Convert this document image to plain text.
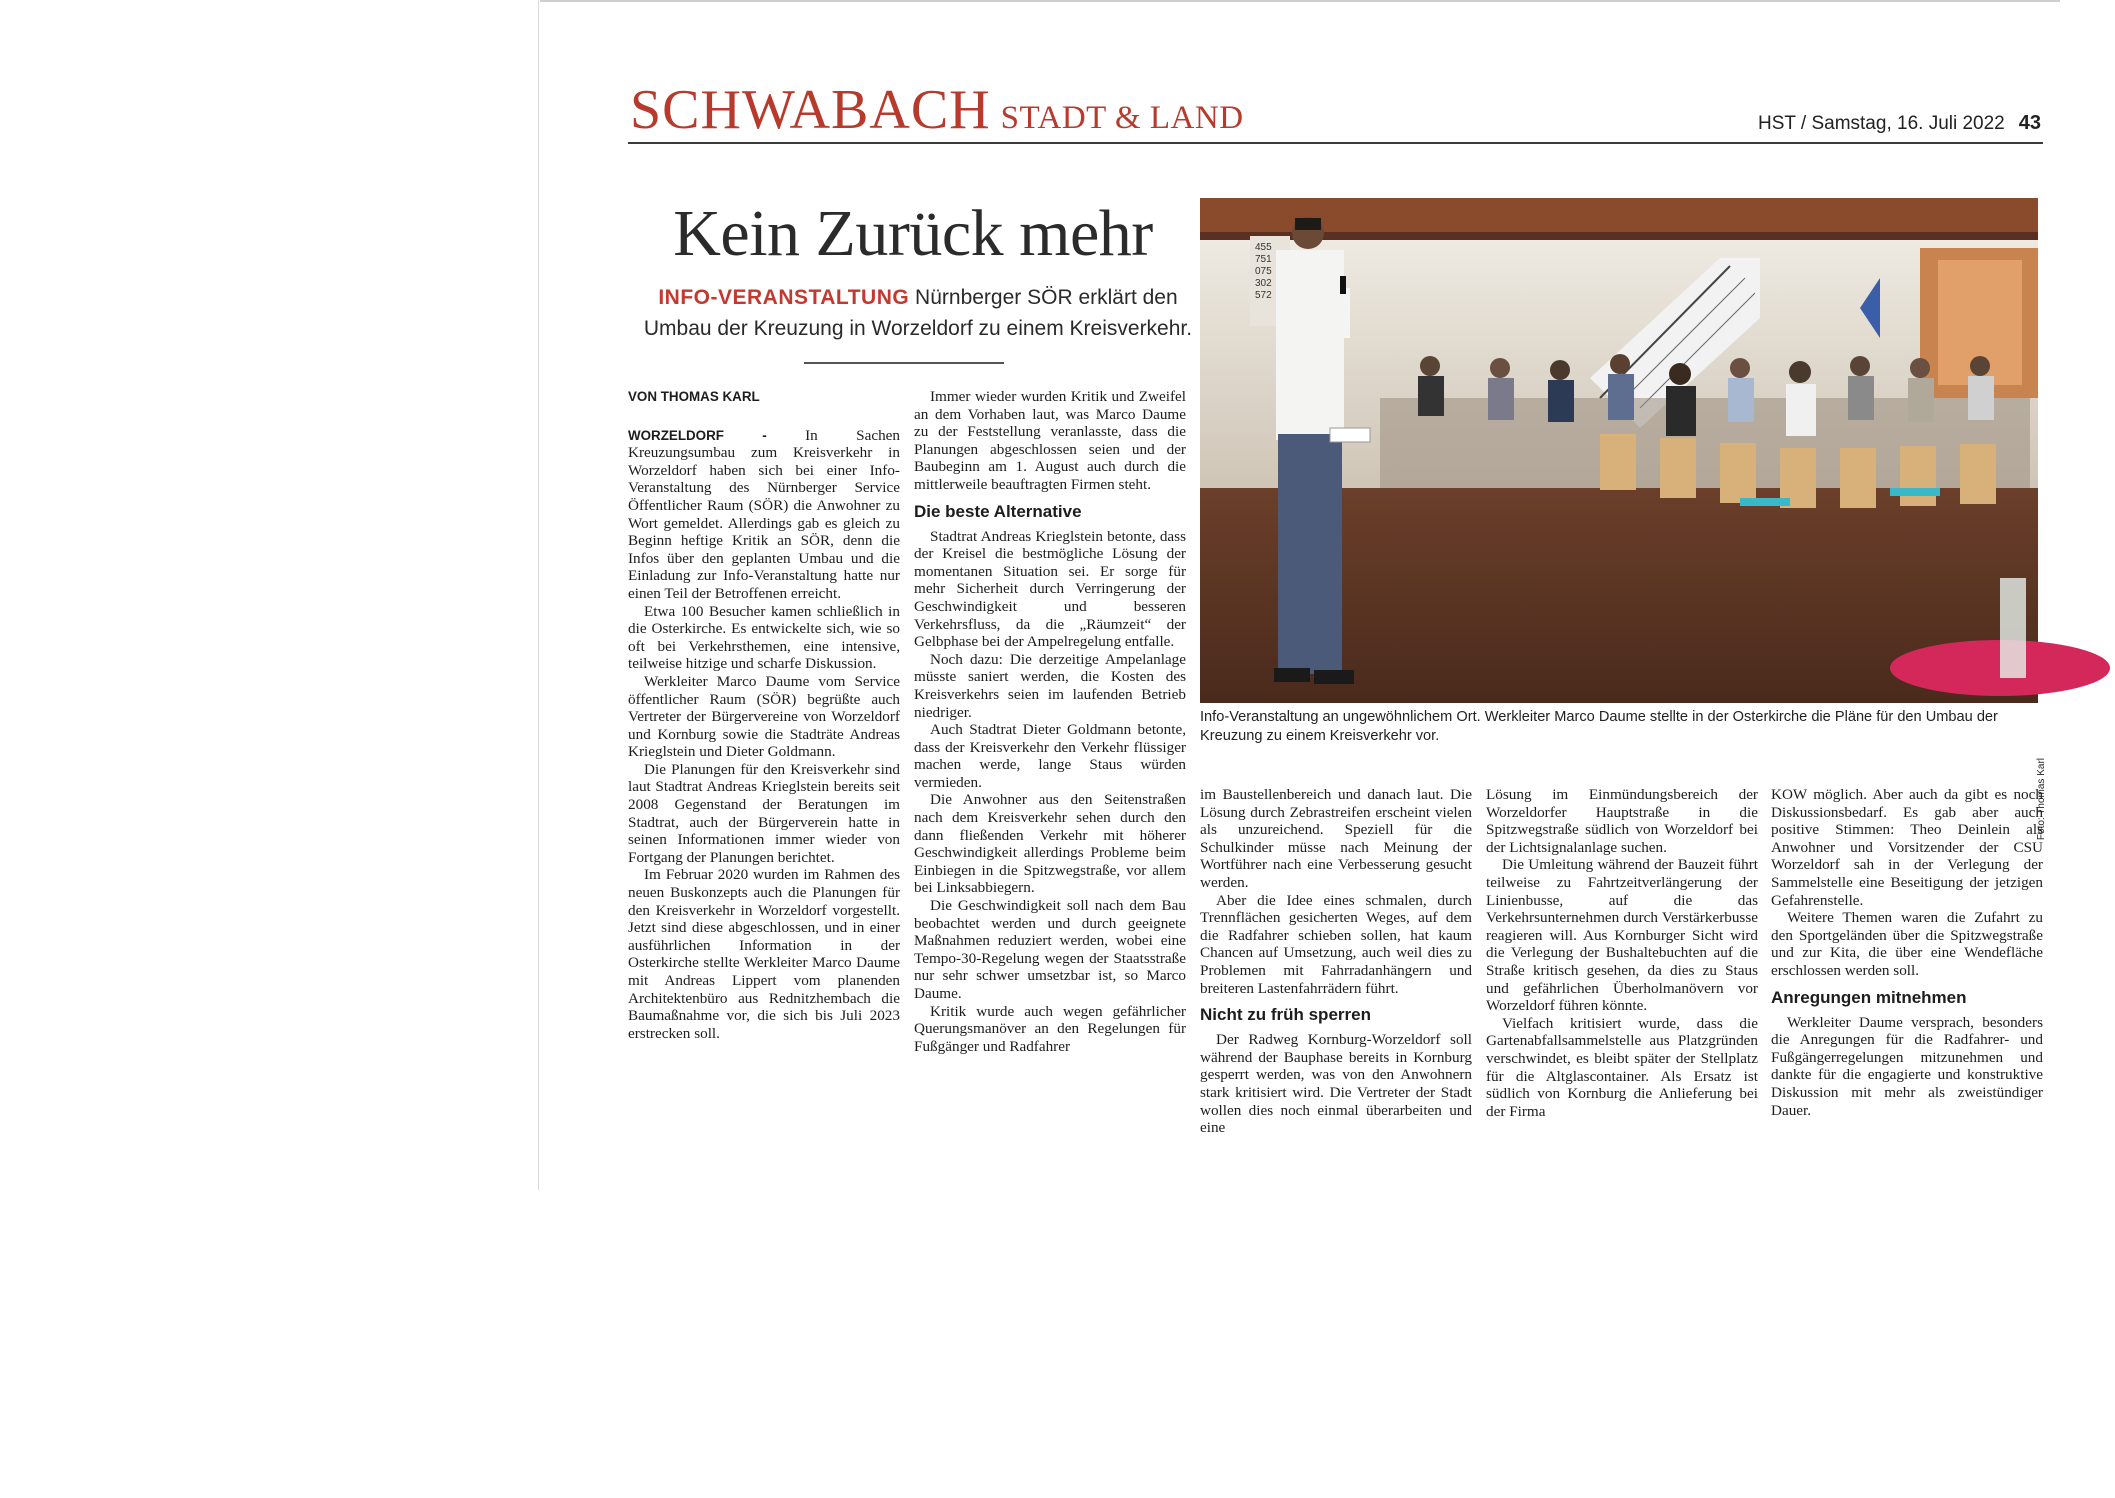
SCHWABACH STADT & LAND	HST / Samstag, 16. Juli 2022 43
Kein Zurück mehr
INFO-VERANSTALTUNG Nürnberger SÖR erklärt den Umbau der Kreuzung in Worzeldorf zu einem Kreisverkehr.
455
751
075
302
572
Foto: Thomas Karl
Info-Veranstaltung an ungewöhnlichem Ort. Werkleiter Marco Daume stellte in der Osterkirche die Pläne für den Umbau der Kreuzung zu einem Kreisverkehr vor.
VON THOMAS KARL

WORZELDORF -	In Sachen Kreuzungsumbau zum Kreisverkehr in Worzeldorf haben sich bei einer Info-Veranstaltung des Nürnberger Service Öffentlicher Raum (SÖR) die Anwohner zu Wort gemeldet. Allerdings gab es gleich zu Beginn heftige Kritik an SÖR, denn die Infos über den geplanten Umbau und die Einladung zur Info-Veranstaltung hatte nur einen Teil der Betroffenen erreicht.

Etwa 100 Besucher kamen schließlich in die Osterkirche. Es entwickelte sich, wie so oft bei Verkehrsthemen, eine intensive, teilweise hitzige und scharfe Diskussion.

Werkleiter Marco Daume vom Service öffentlicher Raum (SÖR) begrüßte auch Vertreter der Bürgervereine von Worzeldorf und Kornburg sowie die Stadträte Andreas Krieglstein und Dieter Goldmann.

Die Planungen für den Kreisverkehr sind laut Stadtrat Andreas Krieglstein bereits seit 2008 Gegenstand der Beratungen im Stadtrat, auch der Bürgerverein hatte in seinen Informationen immer wieder von Fortgang der Planungen berichtet.

Im Februar 2020 wurden im Rahmen des neuen Buskonzepts auch die Planungen für den Kreisverkehr in Worzeldorf vorgestellt. Jetzt sind diese abgeschlossen, und in einer ausführlichen Information in der Osterkirche stellte Werkleiter Marco Daume mit Andreas Lippert vom planenden Architektenbüro aus Rednitzhembach die Baumaßnahme vor, die sich bis Juli 2023 erstrecken soll.

Immer wieder wurden Kritik und Zweifel an dem Vorhaben laut, was Marco Daume zu der Feststellung veranlasste, dass die Planungen abgeschlossen seien und der Baubeginn am 1. August auch durch die mittlerweile beauftragten Firmen steht.

Die beste Alternative

Stadtrat Andreas Krieglstein betonte, dass der Kreisel die bestmögliche Lösung der momentanen Situation sei. Er sorge für mehr Sicherheit durch Verringerung der Geschwindigkeit und besseren Verkehrsfluss, da die „Räumzeit“ der Gelbphase bei der Ampelregelung entfalle.

Noch dazu: Die derzeitige Ampelanlage müsste saniert werden, die Kosten des Kreisverkehrs seien im laufenden Betrieb niedriger.

Auch Stadtrat Dieter Goldmann betonte, dass der Kreisverkehr den Verkehr flüssiger machen werde, lange Staus würden vermieden.

Die Anwohner aus den Seitenstraßen nach dem Kreisverkehr sehen durch den dann fließenden Verkehr mit höherer Geschwindigkeit allerdings Probleme beim Einbiegen in die Spitzwegstraße, vor allem bei Linksabbiegern.

Die Geschwindigkeit soll nach dem Bau beobachtet werden und durch geeignete Maßnahmen reduziert werden, wobei eine Tempo-30-Regelung wegen der Staatsstraße nur sehr schwer umsetzbar ist, so Marco Daume.

Kritik wurde auch wegen gefährlicher Querungsmanöver an den Regelungen für Fußgänger und Radfahrer

im Baustellenbereich und danach laut. Die Lösung durch Zebrastreifen erscheint vielen als unzureichend. Speziell für die Schulkinder müsse nach Meinung der Wortführer nach eine Verbesserung gesucht werden.

Aber die Idee eines schmalen, durch Trennflächen gesicherten Weges, auf dem die Radfahrer schieben sollen, hat kaum Chancen auf Umsetzung, auch weil dies zu Problemen mit Fahrradanhängern und breiteren Lastenfahrrädern führt.

Nicht zu früh sperren

Der Radweg Kornburg-Worzeldorf soll während der Bauphase bereits in Kornburg gesperrt werden, was von den Anwohnern stark kritisiert wird. Die Vertreter der Stadt wollen dies noch einmal überarbeiten und eine

Lösung im Einmündungsbereich der Worzeldorfer Hauptstraße in die Spitzwegstraße südlich von Worzeldorf bei der Lichtsignalanlage suchen.

Die Umleitung während der Bauzeit führt teilweise zu Fahrtzeitverlängerung der Linienbusse, auf die das Verkehrsunternehmen durch Verstärkerbusse reagieren will. Aus Kornburger Sicht wird die Verlegung der Bushaltebuchten auf die Straße kritisch gesehen, da dies zu Staus und gefährlichen Überholmanövern vor Worzeldorf führen könnte.

Vielfach kritisiert wurde, dass die Gartenabfallsammelstelle aus Platzgründen verschwindet, es bleibt später der Stellplatz für die Altglascontainer. Als Ersatz ist südlich von Kornburg die Anlieferung bei der Firma

KOW möglich. Aber auch da gibt es noch Diskussionsbedarf. Es gab aber auch positive Stimmen: Theo Deinlein als Anwohner und Vorsitzender der CSU Worzeldorf sah in der Verlegung der Sammelstelle eine Beseitigung der jetzigen Gefahrenstelle.

Weitere Themen waren die Zufahrt zu den Sportgeländen über die Spitzwegstraße und zur Kita, die über eine Wendefläche erschlossen werden soll.

Anregungen mitnehmen

Werkleiter Daume versprach, besonders die Anregungen für die Radfahrer- und Fußgängerregelungen mitzunehmen und dankte für die engagierte und konstruktive Diskussion mit mehr als zweistündiger Dauer.
